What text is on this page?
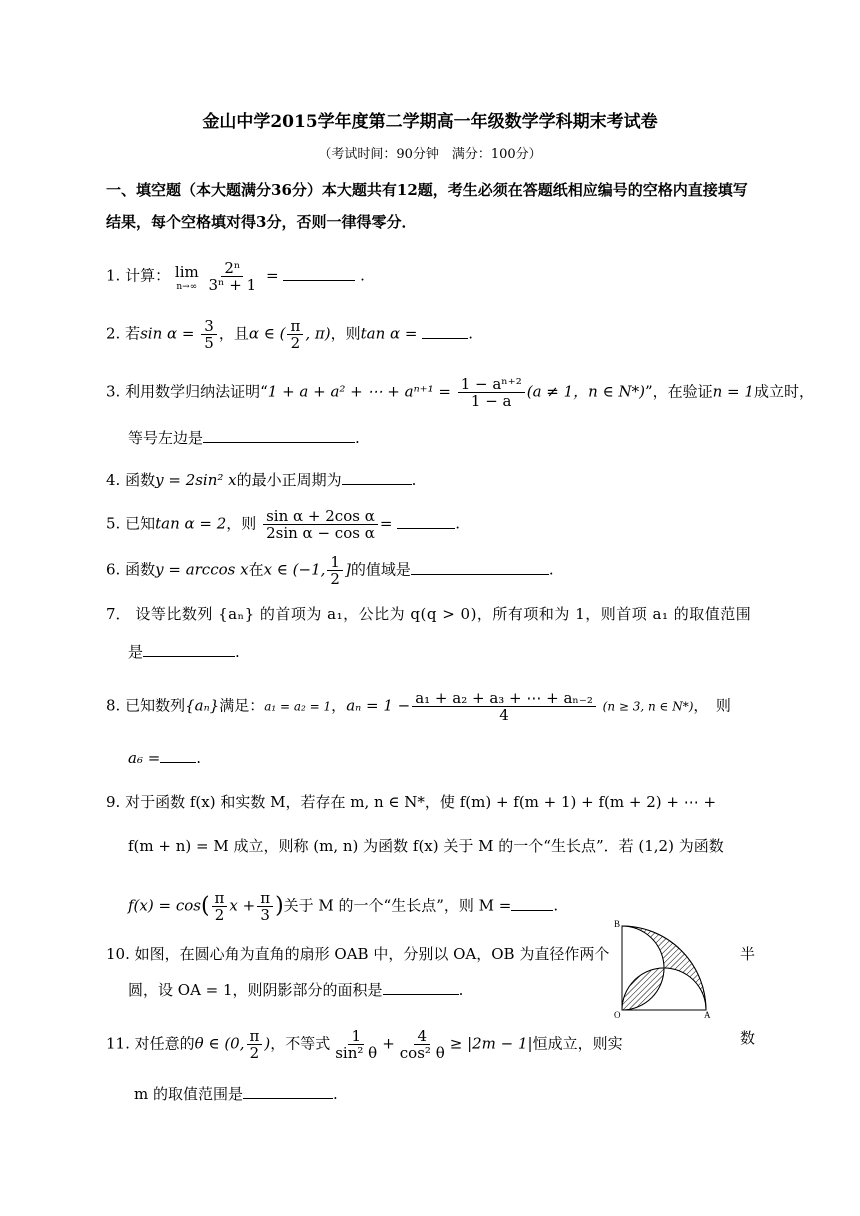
金山中学2015学年度第二学期高一年级数学学科期末考试卷
（考试时间：90分钟　满分：100分）
一、填空题（本大题满分36分）本大题共有12题，考生必须在答题纸相应编号的空格内直接填写
结果，每个空格填对得3分，否则一律得零分．
1. 计算： lim
n→∞
$\frac{\text{2ⁿ}}{\text{3ⁿ + 1}}$ =	.
2. 若$\sin \alpha = \frac{3}{5}$ ，且α ∈ ( $\frac{\pi}{2}$ , π)，则tan α =	.
3. 利用数学归纳法证明“1 + a + a² + ⋯ + $a^{n+1} = \frac{\text{1 − aⁿ⁺²}}{1 - a} (a \ne 1$，n ∈ N*)”，在验证n = 1成立时，
等号左边是	.
4. 函数y = 2sin² x的最小正周期为	.
5. 已知tan α = 2，则 $\frac{\text{sin α + 2cos α}}{\text{2sin α − cos α}}$ =	.
6. 函数y = arccos x在x ∈ (−1, $\frac{1}{2}$ ]的值域是	.
7． 设等比数列 {aₙ} 的首项为 a₁，公比为 q(q > 0)，所有项和为 1，则首项 a₁ 的取值范围
是	.
8. 已知数列{aₙ}满足：a₁ = a₂ = 1，$a_n = 1 - \frac{\text{a₁ + a₂ + a₃ + ⋯ + aₙ₋₂}}{4} (n \ge 3$, n ∈ N*)，　则
a₆ = .
9. 对于函数 f(x) 和实数 M，若存在 m, n ∈ N*，使 f(m) + f(m + 1) + f(m + 2) + ⋯ +
f(m + n) = M 成立，则称 (m, n) 为函数 f(x) 关于 M 的一个“生长点”．若 (1,2) 为函数
$f(x) = \cos( \frac{\pi}{2}$ $x + \frac{\pi}{3}$ )关于 M 的一个“生长点”，则 M =	.
10. 如图，在圆心角为直角的扇形 OAB 中，分别以 OA，OB 为直径作两个	半
圆，设 OA = 1，则阴影部分的面积是	.
B
O	A
11. 对任意的θ ∈ (0, $\frac{\pi}{2}$ )，不等式 $\frac{1}{\text{sin² θ}} + \frac{4}{\text{cos² θ}} \ge |2m - 1|$恒成立，则实	数
m 的取值范围是	.
